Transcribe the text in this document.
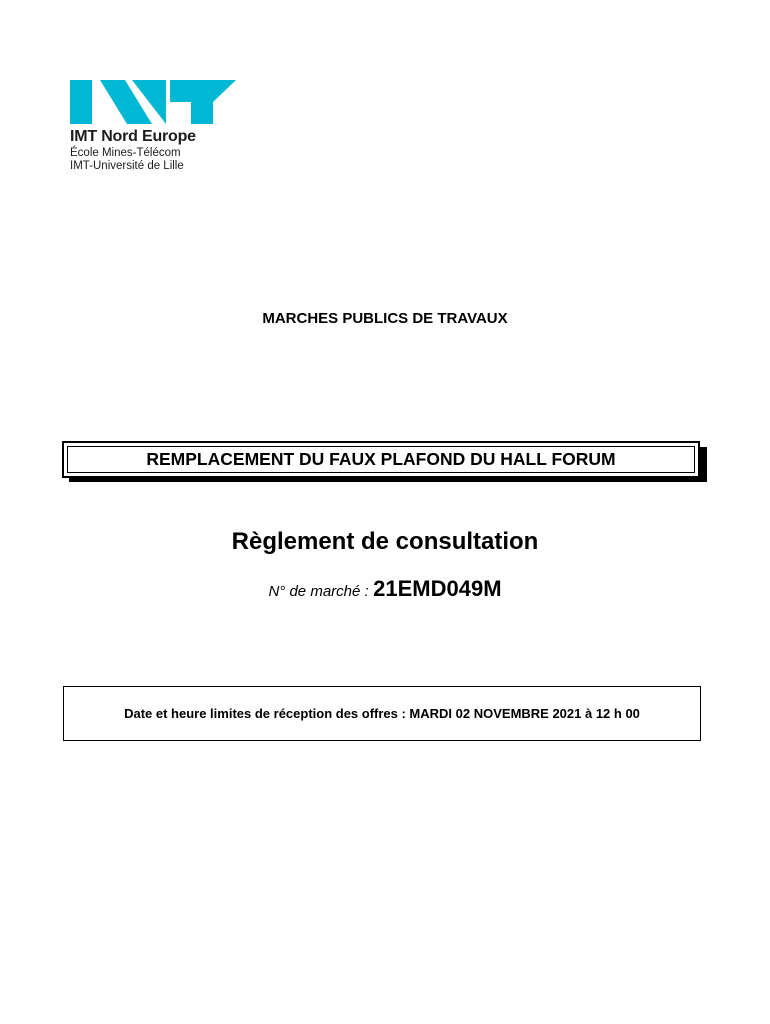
IMT Nord Europe
École Mines-Télécom
IMT-Université de Lille
MARCHES PUBLICS DE TRAVAUX
REMPLACEMENT DU FAUX PLAFOND DU HALL FORUM
Règlement de consultation
N° de marché : 21EMD049M
Date et heure limites de réception des offres : MARDI 02 NOVEMBRE 2021 à 12 h 00
